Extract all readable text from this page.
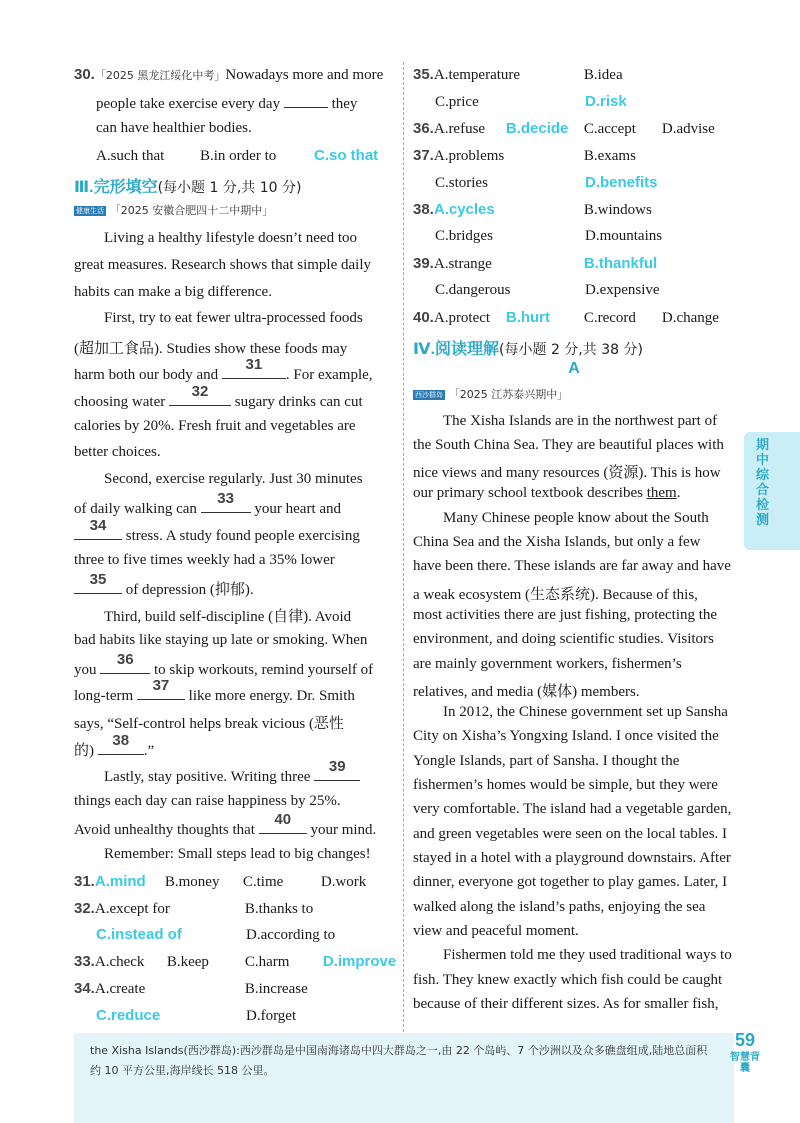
30.「2025 黑龙江绥化中考」Nowadays more and more
people take exercise every day	they
can have healthier bodies.
A.such that B.in order to	C.so that
Ⅲ.完形填空(每小题 1 分,共 10 分)
健康生活 「2025 安徽合肥四十二中期中」
Living a healthy lifestyle doesn’t need too
great measures. Research shows that simple daily
habits can make a big difference.
First, try to eat fewer ultra-processed foods
(超加工食品). Studies show these foods may
harm both our body and
31
. For example,
choosing water
32
sugary drinks can cut
calories by 20%. Fresh fruit and vegetables are
better choices.
Second, exercise regularly. Just 30 minutes
of daily walking can
33
your heart and
34
stress. A study found people exercising
three to five times weekly had a 35% lower
35
of depression (抑郁).
Third, build self-discipline (自律). Avoid
bad habits like staying up late or smoking. When
you
36
to skip workouts, remind yourself of
long-term
37
like more energy. Dr. Smith
says, “Self-control helps break vicious (恶性
的)
38
.”
Lastly, stay positive. Writing three
39
things each day can raise happiness by 25%.
Avoid unhealthy thoughts that
40
your mind.
Remember: Small steps lead to big changes!
31.A.mind B.money C.time	D.work
32.A.except for	B.thanks to
C.instead of	D.according to
33.A.check B.keep C.harm D.improve
34.A.create	B.increase
C.reduce	D.forget
35.A.temperature	B.idea
C.price	D.risk
36.A.refuse B.decide C.accept D.advise
37.A.problems	B.exams
C.stories	D.benefits
38.A.cycles	B.windows
C.bridges	D.mountains
39.A.strange	B.thankful
C.dangerous	D.expensive
40.A.protect B.hurt C.record D.change
Ⅳ.阅读理解(每小题 2 分,共 38 分)
A
西沙群岛 「2025 江苏泰兴期中」
The Xisha Islands are in the northwest part of
the South China Sea. They are beautiful places with
nice views and many resources (资源). This is how
our primary school textbook describes them.
Many Chinese people know about the South
China Sea and the Xisha Islands, but only a few
have been there. These islands are far away and have
a weak ecosystem (生态系统). Because of this,
most activities there are just fishing, protecting the
environment, and doing scientific studies. Visitors
are mainly government workers, fishermen’s
relatives, and media (媒体) members.
In 2012, the Chinese government set up Sansha
City on Xisha’s Yongxing Island. I once visited the
Yongle Islands, part of Sansha. I thought the
fishermen’s homes would be simple, but they were
very comfortable. The island had a vegetable garden,
and green vegetables were seen on the local tables. I
stayed in a hotel with a playground downstairs. After
dinner, everyone got together to play games. Later, I
walked along the island’s paths, enjoying the sea
view and peaceful moment.
Fishermen told me they used traditional ways to
fish. They knew exactly which fish could be caught
because of their different sizes. As for smaller fish,
期中综合检测
the Xisha Islands(西沙群岛):西沙群岛是中国南海诸岛中四大群岛之一,由 22 个岛屿、7 个沙洲以及众多礁盘组成,陆地总面积约 10 平方公里,海岸线长 518 公里。
59
智慧背囊
